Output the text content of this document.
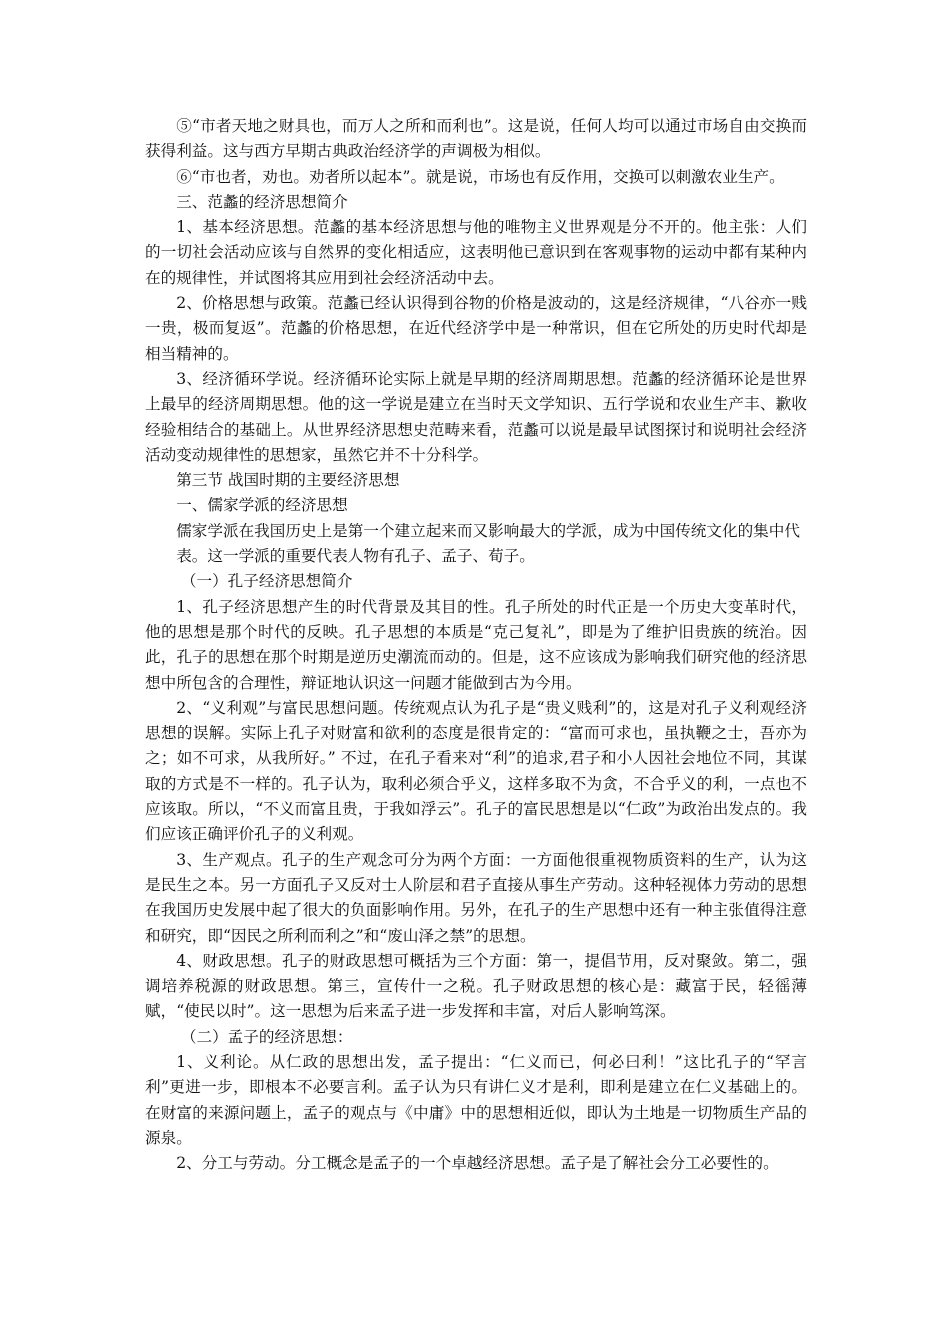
⑤“市者天地之财具也，而万人之所和而利也”。这是说，任何人均可以通过市场自由交换而获得利益。这与西方早期古典政治经济学的声调极为相似。

⑥“市也者，劝也。劝者所以起本”。就是说，市场也有反作用，交换可以刺激农业生产。

三、范蠡的经济思想简介

1、基本经济思想。范蠡的基本经济思想与他的唯物主义世界观是分不开的。他主张：人们的一切社会活动应该与自然界的变化相适应，这表明他已意识到在客观事物的运动中都有某种内在的规律性，并试图将其应用到社会经济活动中去。

2、价格思想与政策。范蠡已经认识得到谷物的价格是波动的，这是经济规律，“八谷亦一贱一贵，极而复返”。范蠡的价格思想，在近代经济学中是一种常识，但在它所处的历史时代却是相当精神的。

3、经济循环学说。经济循环论实际上就是早期的经济周期思想。范蠡的经济循环论是世界上最早的经济周期思想。他的这一学说是建立在当时天文学知识、五行学说和农业生产丰、歉收经验相结合的基础上。从世界经济思想史范畴来看，范蠡可以说是最早试图探讨和说明社会经济活动变动规律性的思想家，虽然它并不十分科学。

第三节 战国时期的主要经济思想

一、儒家学派的经济思想

儒家学派在我国历史上是第一个建立起来而又影响最大的学派，成为中国传统文化的集中代

表。这一学派的重要代表人物有孔子、孟子、荀子。

（一）孔子经济思想简介

1、孔子经济思想产生的时代背景及其目的性。孔子所处的时代正是一个历史大变革时代，他的思想是那个时代的反映。孔子思想的本质是“克己复礼”，即是为了维护旧贵族的统治。因此，孔子的思想在那个时期是逆历史潮流而动的。但是，这不应该成为影响我们研究他的经济思想中所包含的合理性，辩证地认识这一问题才能做到古为今用。

2、“义利观”与富民思想问题。传统观点认为孔子是“贵义贱利”的，这是对孔子义利观经济思想的误解。实际上孔子对财富和欲利的态度是很肯定的：“富而可求也，虽执鞭之士，吾亦为之；如不可求，从我所好。” 不过，在孔子看来对“利”的追求,君子和小人因社会地位不同，其谋取的方式是不一样的。孔子认为，取利必须合乎义，这样多取不为贪，不合乎义的利，一点也不应该取。所以，“不义而富且贵，于我如浮云”。孔子的富民思想是以“仁政”为政治出发点的。我们应该正确评价孔子的义利观。

3、生产观点。孔子的生产观念可分为两个方面：一方面他很重视物质资料的生产，认为这是民生之本。另一方面孔子又反对士人阶层和君子直接从事生产劳动。这种轻视体力劳动的思想在我国历史发展中起了很大的负面影响作用。另外，在孔子的生产思想中还有一种主张值得注意和研究，即“因民之所利而利之”和“废山泽之禁”的思想。

4、财政思想。孔子的财政思想可概括为三个方面：第一，提倡节用，反对聚敛。第二，强调培养税源的财政思想。第三，宣传什一之税。孔子财政思想的核心是：藏富于民，轻徭薄赋，“使民以时”。这一思想为后来孟子进一步发挥和丰富，对后人影响笃深。

（二）孟子的经济思想：

1、义利论。从仁政的思想出发，孟子提出：“仁义而已，何必曰利！”这比孔子的“罕言利”更进一步，即根本不必要言利。孟子认为只有讲仁义才是利，即利是建立在仁义基础上的。在财富的来源问题上，孟子的观点与《中庸》中的思想相近似，即认为土地是一切物质生产品的源泉。

2、分工与劳动。分工概念是孟子的一个卓越经济思想。孟子是了解社会分工必要性的。
